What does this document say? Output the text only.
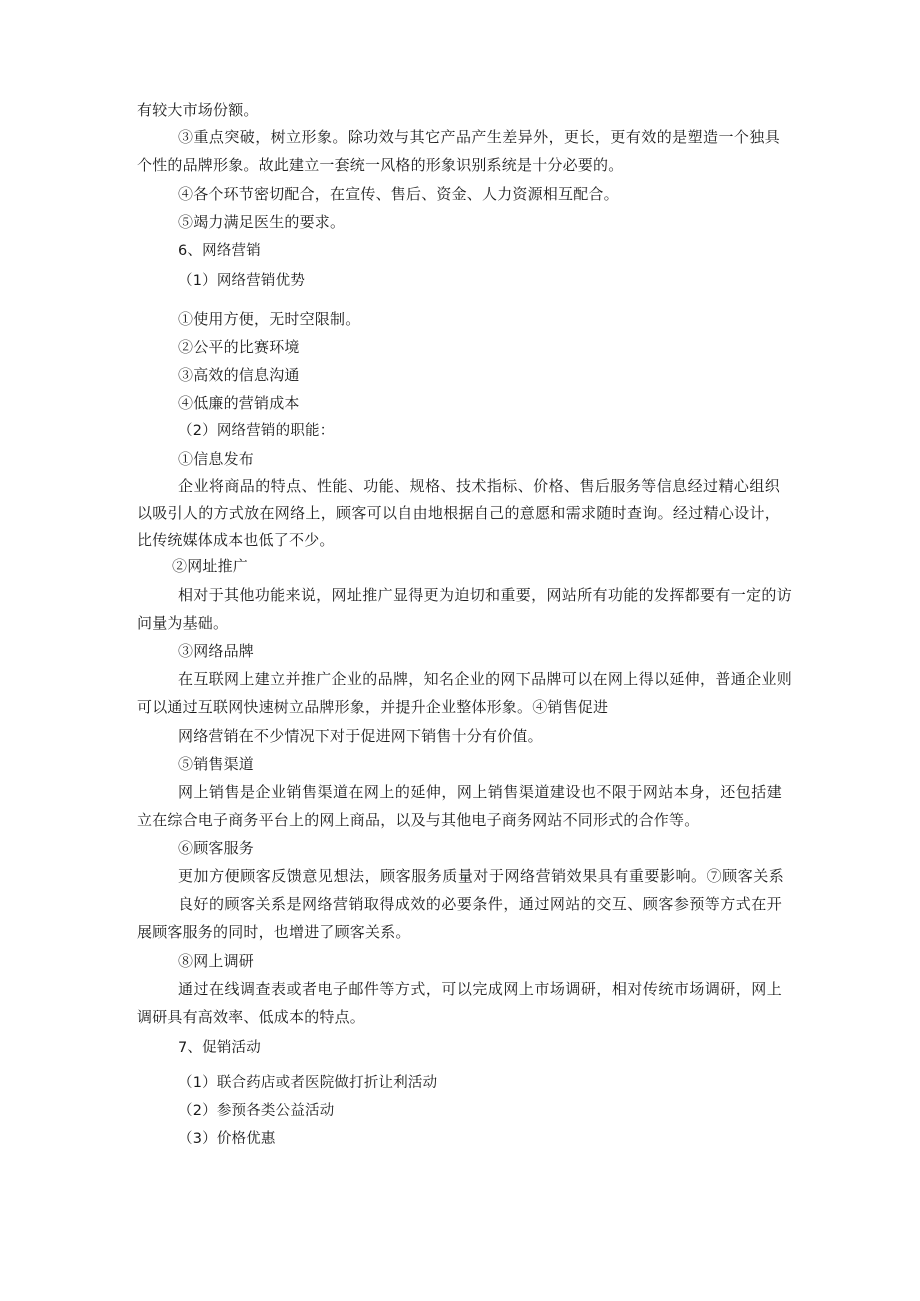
有较大市场份额。
③重点突破，树立形象。除功效与其它产品产生差异外，更长，更有效的是塑造一个独具
个性的品牌形象。故此建立一套统一风格的形象识别系统是十分必要的。
④各个环节密切配合，在宣传、售后、资金、人力资源相互配合。
⑤竭力满足医生的要求。
6、网络营销
（1）网络营销优势
①使用方便，无时空限制。
②公平的比赛环境
③高效的信息沟通
④低廉的营销成本
（2）网络营销的职能：
①信息发布
企业将商品的特点、性能、功能、规格、技术指标、价格、售后服务等信息经过精心组织
以吸引人的方式放在网络上，顾客可以自由地根据自己的意愿和需求随时查询。经过精心设计，
比传统媒体成本也低了不少。
②网址推广
相对于其他功能来说，网址推广显得更为迫切和重要，网站所有功能的发挥都要有一定的访
问量为基础。
③网络品牌
在互联网上建立并推广企业的品牌，知名企业的网下品牌可以在网上得以延伸，普通企业则
可以通过互联网快速树立品牌形象，并提升企业整体形象。④销售促进
网络营销在不少情况下对于促进网下销售十分有价值。
⑤销售渠道
网上销售是企业销售渠道在网上的延伸，网上销售渠道建设也不限于网站本身，还包括建
立在综合电子商务平台上的网上商品，以及与其他电子商务网站不同形式的合作等。
⑥顾客服务
更加方便顾客反馈意见想法，顾客服务质量对于网络营销效果具有重要影响。⑦顾客关系
良好的顾客关系是网络营销取得成效的必要条件，通过网站的交互、顾客参预等方式在开
展顾客服务的同时，也增进了顾客关系。
⑧网上调研
通过在线调查表或者电子邮件等方式，可以完成网上市场调研，相对传统市场调研，网上
调研具有高效率、低成本的特点。
7、促销活动
（1）联合药店或者医院做打折让利活动
（2）参预各类公益活动
（3）价格优惠
